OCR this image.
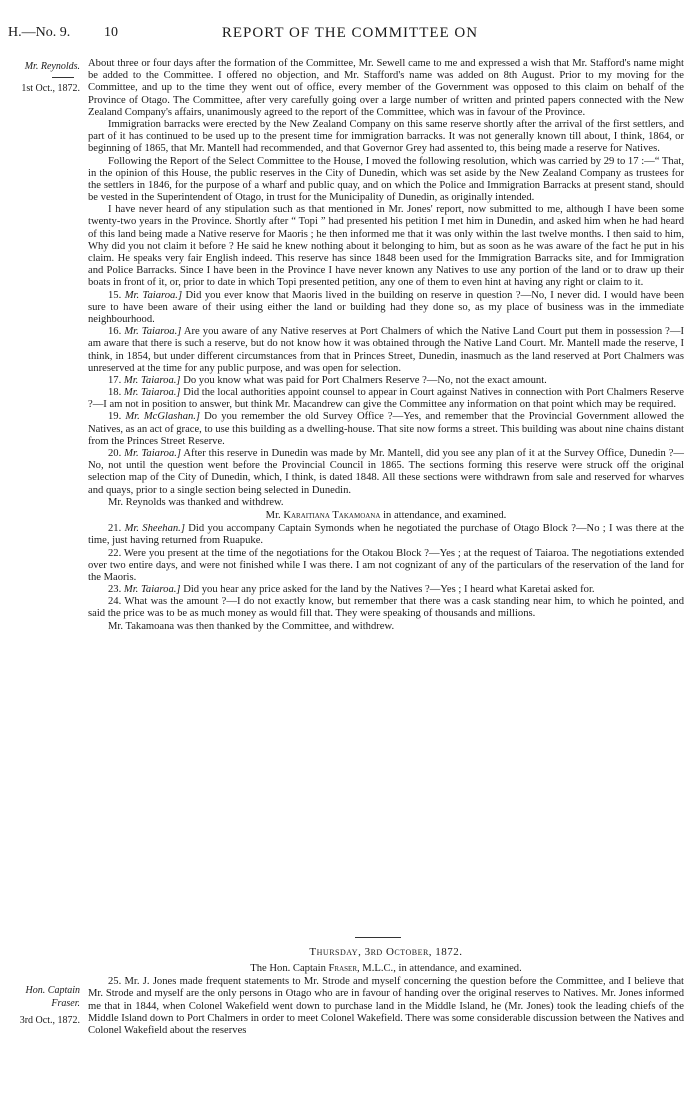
H.—No. 9. 10	REPORT OF THE COMMITTEE ON
Mr. Reynolds.
1st Oct., 1872.
Hon. Captain Fraser.
3rd Oct., 1872.

About three or four days after the formation of the Committee, Mr. Sewell came to me and expressed a wish that Mr. Stafford's name might be added to the Committee. I offered no objection, and Mr. Stafford's name was added on 8th August. Prior to my moving for the Committee, and up to the time they went out of office, every member of the Government was opposed to this claim on behalf of the Province of Otago. The Committee, after very carefully going over a large number of written and printed papers connected with the New Zealand Company's affairs, unanimously agreed to the report of the Committee, which was in favour of the Province.

Immigration barracks were erected by the New Zealand Company on this same reserve shortly after the arrival of the first settlers, and part of it has continued to be used up to the present time for immigration barracks. It was not generally known till about, I think, 1864, or beginning of 1865, that Mr. Mantell had recommended, and that Governor Grey had assented to, this being made a reserve for Natives.

Following the Report of the Select Committee to the House, I moved the following resolution, which was carried by 29 to 17 :—“ That, in the opinion of this House, the public reserves in the City of Dunedin, which was set aside by the New Zealand Company as trustees for the settlers in 1846, for the purpose of a wharf and public quay, and on which the Police and Immigration Barracks at present stand, should be vested in the Superintendent of Otago, in trust for the Municipality of Dunedin, as originally intended.

I have never heard of any stipulation such as that mentioned in Mr. Jones' report, now submitted to me, although I have been some twenty-two years in the Province. Shortly after “ Topi ” had presented his petition I met him in Dunedin, and asked him when he had heard of this land being made a Native reserve for Maoris ; he then informed me that it was only within the last twelve months. I then said to him, Why did you not claim it before ? He said he knew nothing about it belonging to him, but as soon as he was aware of the fact he put in his claim. He speaks very fair English indeed. This reserve has since 1848 been used for the Immigration Barracks site, and for Immigration and Police Barracks. Since I have been in the Province I have never known any Natives to use any portion of the land or to draw up their boats in front of it, or, prior to date in which Topi presented petition, any one of them to even hint at having any right or claim to it.

15. Mr. Taiaroa.] Did you ever know that Maoris lived in the building on reserve in question ?—No, I never did. I would have been sure to have been aware of their using either the land or building had they done so, as my place of business was in the immediate neighbourhood.

16. Mr. Taiaroa.] Are you aware of any Native reserves at Port Chalmers of which the Native Land Court put them in possession ?—I am aware that there is such a reserve, but do not know how it was obtained through the Native Land Court. Mr. Mantell made the reserve, I think, in 1854, but under different circumstances from that in Princes Street, Dunedin, inasmuch as the land reserved at Port Chalmers was unreserved at the time for any public purpose, and was open for selection.

17. Mr. Taiaroa.] Do you know what was paid for Port Chalmers Reserve ?—No, not the exact amount.

18. Mr. Taiaroa.] Did the local authorities appoint counsel to appear in Court against Natives in connection with Port Chalmers Reserve ?—I am not in position to answer, but think Mr. Macandrew can give the Committee any information on that point which may be required.

19. Mr. McGlashan.] Do you remember the old Survey Office ?—Yes, and remember that the Provincial Government allowed the Natives, as an act of grace, to use this building as a dwelling-house. That site now forms a street. This building was about nine chains distant from the Princes Street Reserve.

20. Mr. Taiaroa.] After this reserve in Dunedin was made by Mr. Mantell, did you see any plan of it at the Survey Office, Dunedin ?—No, not until the question went before the Provincial Council in 1865. The sections forming this reserve were struck off the original selection map of the City of Dunedin, which, I think, is dated 1848. All these sections were withdrawn from sale and reserved for wharves and quays, prior to a single section being selected in Dunedin.

Mr. Reynolds was thanked and withdrew.

Mr. Karaitiana Takamoana in attendance, and examined.

21. Mr. Sheehan.] Did you accompany Captain Symonds when he negotiated the purchase of Otago Block ?—No ; I was there at the time, just having returned from Ruapuke.

22. Were you present at the time of the negotiations for the Otakou Block ?—Yes ; at the request of Taiaroa. The negotiations extended over two entire days, and were not finished while I was there. I am not cognizant of any of the particulars of the reservation of the land for the Maoris.

23. Mr. Taiaroa.] Did you hear any price asked for the land by the Natives ?—Yes ; I heard what Karetai asked for.

24. What was the amount ?—I do not exactly know, but remember that there was a cask standing near him, to which he pointed, and said the price was to be as much money as would fill that. They were speaking of thousands and millions.

Mr. Takamoana was then thanked by the Committee, and withdrew.

Thursday, 3rd October, 1872.

The Hon. Captain Fraser, M.L.C., in attendance, and examined.

25. Mr. J. Jones made frequent statements to Mr. Strode and myself concerning the question before the Committee, and I believe that Mr. Strode and myself are the only persons in Otago who are in favour of handing over the original reserves to Natives. Mr. Jones informed me that in 1844, when Colonel Wakefield went down to purchase land in the Middle Island, he (Mr. Jones) took the leading chiefs of the Middle Island down to Port Chalmers in order to meet Colonel Wakefield. There was some considerable discussion between the Natives and Colonel Wakefield about the reserves
